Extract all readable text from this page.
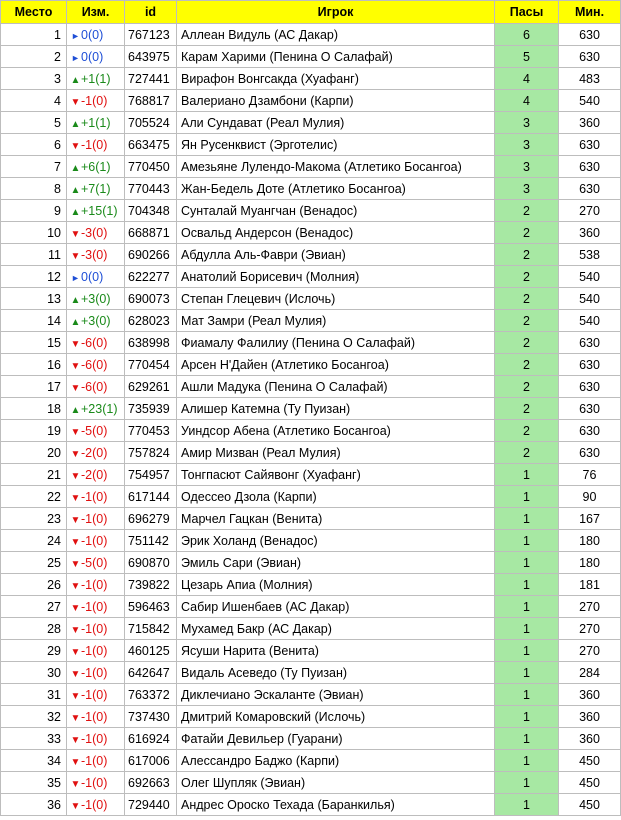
Место	Изм.	id	Игрок	Пасы	Мин.
1	►0(0)	767123	Аллеан Видуль (АС Дакар)	6	630
2	►0(0)	643975	Карам Харими (Пенина О Салафай)	5	630
3	▲+1(1)	727441	Вирафон Вонгсакда (Хуафанг)	4	483
4	▼-1(0)	768817	Валериано Дзамбони (Карпи)	4	540
5	▲+1(1)	705524	Али Сундават (Реал Мулия)	3	360
6	▼-1(0)	663475	Ян Русенквист (Эрготелис)	3	630
7	▲+6(1)	770450	Амезьяне Лулендо-Макома (Атлетико Босангоа)	3	630
8	▲+7(1)	770443	Жан-Бедель Доте (Атлетико Босангоа)	3	630
9	▲+15(1)	704348	Сунталай Муангчан (Венадос)	2	270
10	▼-3(0)	668871	Освальд Андерсон (Венадос)	2	360
11	▼-3(0)	690266	Абдулла Аль-Фаври (Эвиан)	2	538
12	►0(0)	622277	Анатолий Борисевич (Молния)	2	540
13	▲+3(0)	690073	Степан Глецевич (Ислочь)	2	540
14	▲+3(0)	628023	Мат Замри (Реал Мулия)	2	540
15	▼-6(0)	638998	Фиамалу Фалилиу (Пенина О Салафай)	2	630
16	▼-6(0)	770454	Арсен Н'Дайен (Атлетико Босангоа)	2	630
17	▼-6(0)	629261	Ашли Мадука (Пенина О Салафай)	2	630
18	▲+23(1)	735939	Алишер Катемна (Ту Пуизан)	2	630
19	▼-5(0)	770453	Уиндсор Абена (Атлетико Босангоа)	2	630
20	▼-2(0)	757824	Амир Мизван (Реал Мулия)	2	630
21	▼-2(0)	754957	Тонгпасют Сайявонг (Хуафанг)	1	76
22	▼-1(0)	617144	Одессео Дзола (Карпи)	1	90
23	▼-1(0)	696279	Марчел Гацкан (Венита)	1	167
24	▼-1(0)	751142	Эрик Холанд (Венадос)	1	180
25	▼-5(0)	690870	Эмиль Сари (Эвиан)	1	180
26	▼-1(0)	739822	Цезарь Апиа (Молния)	1	181
27	▼-1(0)	596463	Сабир Ишенбаев (АС Дакар)	1	270
28	▼-1(0)	715842	Мухамед Бакр (АС Дакар)	1	270
29	▼-1(0)	460125	Ясуши Нарита (Венита)	1	270
30	▼-1(0)	642647	Видаль Асеведо (Ту Пуизан)	1	284
31	▼-1(0)	763372	Диклечиано Эскаланте (Эвиан)	1	360
32	▼-1(0)	737430	Дмитрий Комаровский (Ислочь)	1	360
33	▼-1(0)	616924	Фатайи Девильер (Гуарани)	1	360
34	▼-1(0)	617006	Алессандро Баджо (Карпи)	1	450
35	▼-1(0)	692663	Олег Шупляк (Эвиан)	1	450
36	▼-1(0)	729440	Андрес Ороско Техада (Баранкилья)	1	450
